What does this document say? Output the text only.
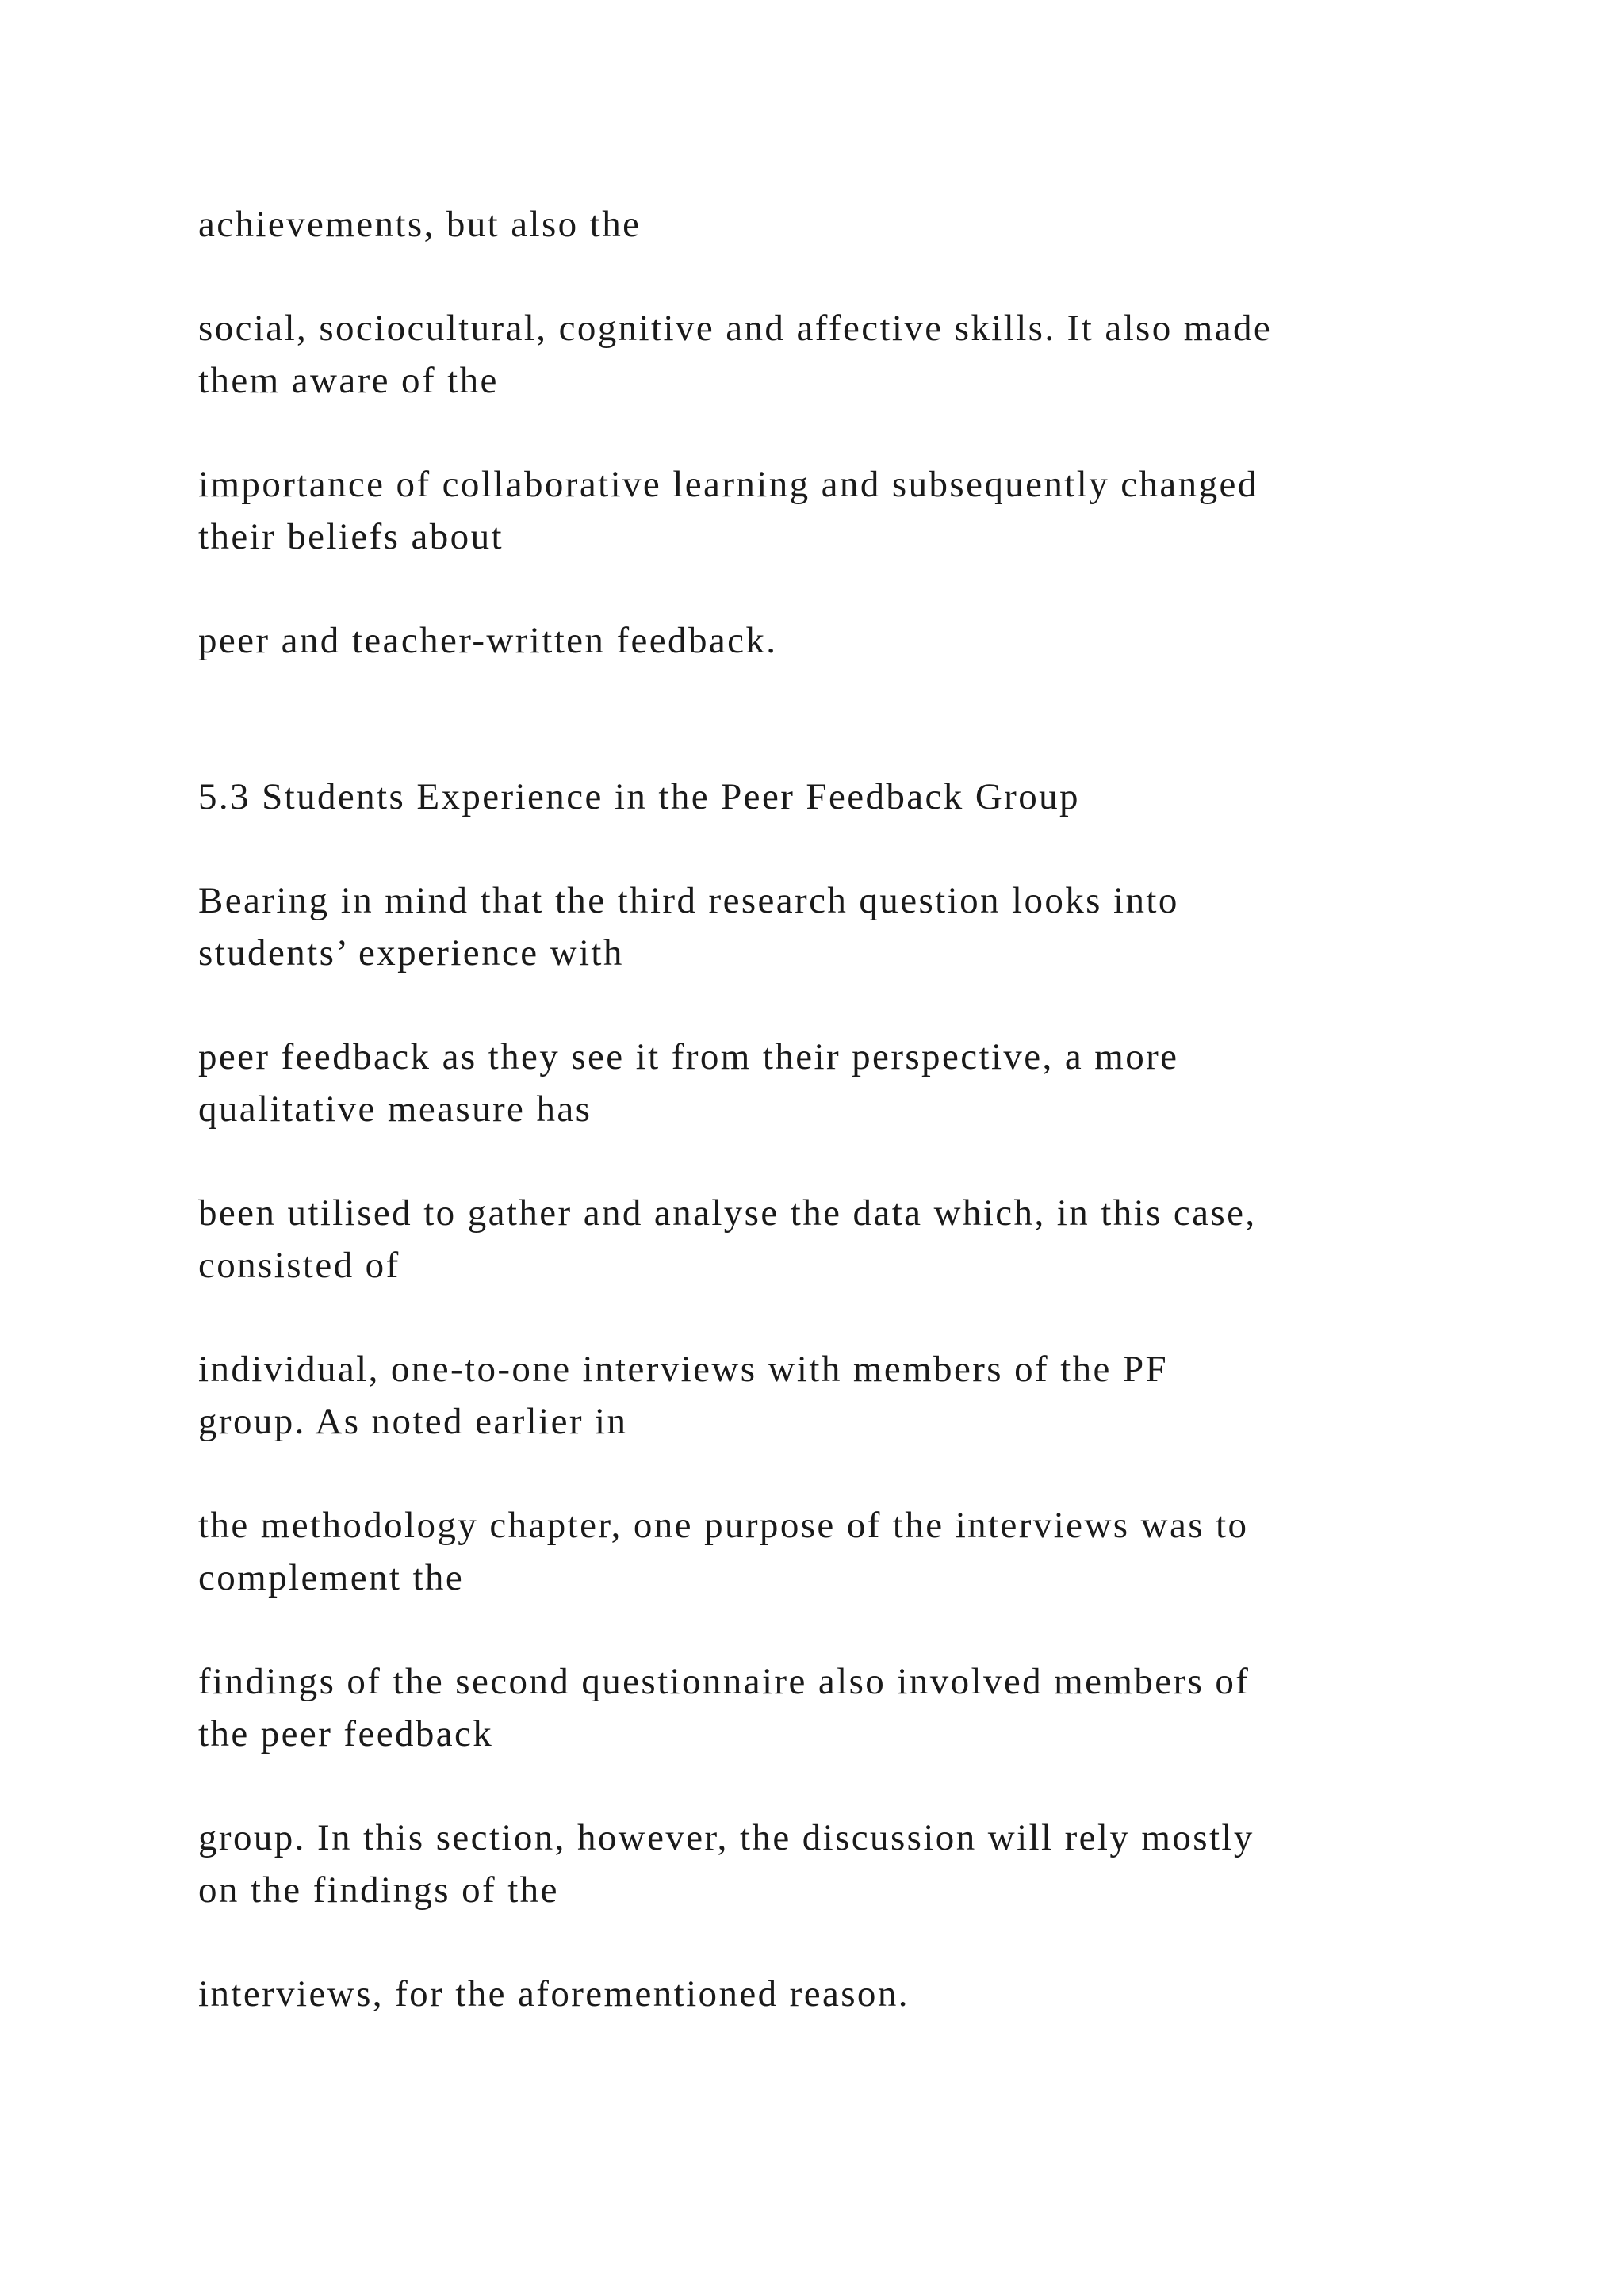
achievements, but also the

social, sociocultural, cognitive and affective skills. It also made
them aware of the

importance of collaborative learning and subsequently changed
their beliefs about

peer and teacher-written feedback.

5.3 Students Experience in the Peer Feedback Group

Bearing in mind that the third research question looks into
students’ experience with

peer feedback as they see it from their perspective, a more
qualitative measure has

been utilised to gather and analyse the data which, in this case,
consisted of

individual, one-to-one interviews with members of the PF
group. As noted earlier in

the methodology chapter, one purpose of the interviews was to
complement the

findings of the second questionnaire also involved members of
the peer feedback

group. In this section, however, the discussion will rely mostly
on the findings of the

interviews, for the aforementioned reason.
